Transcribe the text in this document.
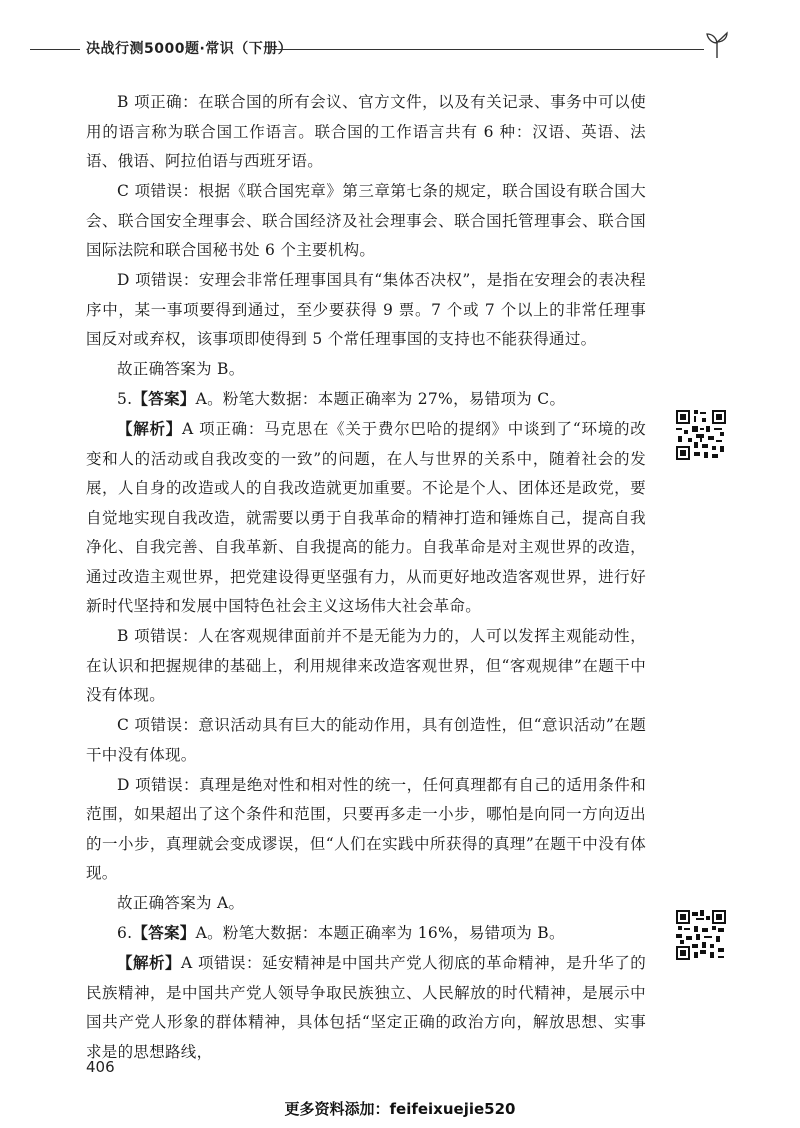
决战行测5000题·常识（下册）

B 项正确：在联合国的所有会议、官方文件，以及有关记录、事务中可以使用的语言称为联合国工作语言。联合国的工作语言共有 6 种：汉语、英语、法语、俄语、阿拉伯语与西班牙语。

C 项错误：根据《联合国宪章》第三章第七条的规定，联合国设有联合国大会、联合国安全理事会、联合国经济及社会理事会、联合国托管理事会、联合国国际法院和联合国秘书处 6 个主要机构。

D 项错误：安理会非常任理事国具有“集体否决权”，是指在安理会的表决程序中，某一事项要得到通过，至少要获得 9 票。7 个或 7 个以上的非常任理事国反对或弃权，该事项即使得到 5 个常任理事国的支持也不能获得通过。

故正确答案为 B。

5.【答案】A。粉笔大数据：本题正确率为 27%，易错项为 C。

【解析】A 项正确：马克思在《关于费尔巴哈的提纲》中谈到了“环境的改变和人的活动或自我改变的一致”的问题，在人与世界的关系中，随着社会的发展，人自身的改造或人的自我改造就更加重要。不论是个人、团体还是政党，要自觉地实现自我改造，就需要以勇于自我革命的精神打造和锤炼自己，提高自我净化、自我完善、自我革新、自我提高的能力。自我革命是对主观世界的改造，通过改造主观世界，把党建设得更坚强有力，从而更好地改造客观世界，进行好新时代坚持和发展中国特色社会主义这场伟大社会革命。

B 项错误：人在客观规律面前并不是无能为力的，人可以发挥主观能动性，在认识和把握规律的基础上，利用规律来改造客观世界，但“客观规律”在题干中没有体现。

C 项错误：意识活动具有巨大的能动作用，具有创造性，但“意识活动”在题干中没有体现。

D 项错误：真理是绝对性和相对性的统一，任何真理都有自己的适用条件和范围，如果超出了这个条件和范围，只要再多走一小步，哪怕是向同一方向迈出的一小步，真理就会变成谬误，但“人们在实践中所获得的真理”在题干中没有体现。

故正确答案为 A。

6.【答案】A。粉笔大数据：本题正确率为 16%，易错项为 B。

【解析】A 项错误：延安精神是中国共产党人彻底的革命精神，是升华了的民族精神，是中国共产党人领导争取民族独立、人民解放的时代精神，是展示中国共产党人形象的群体精神，具体包括“坚定正确的政治方向，解放思想、实事求是的思想路线，

406
更多资料添加：feifeixuejie520
